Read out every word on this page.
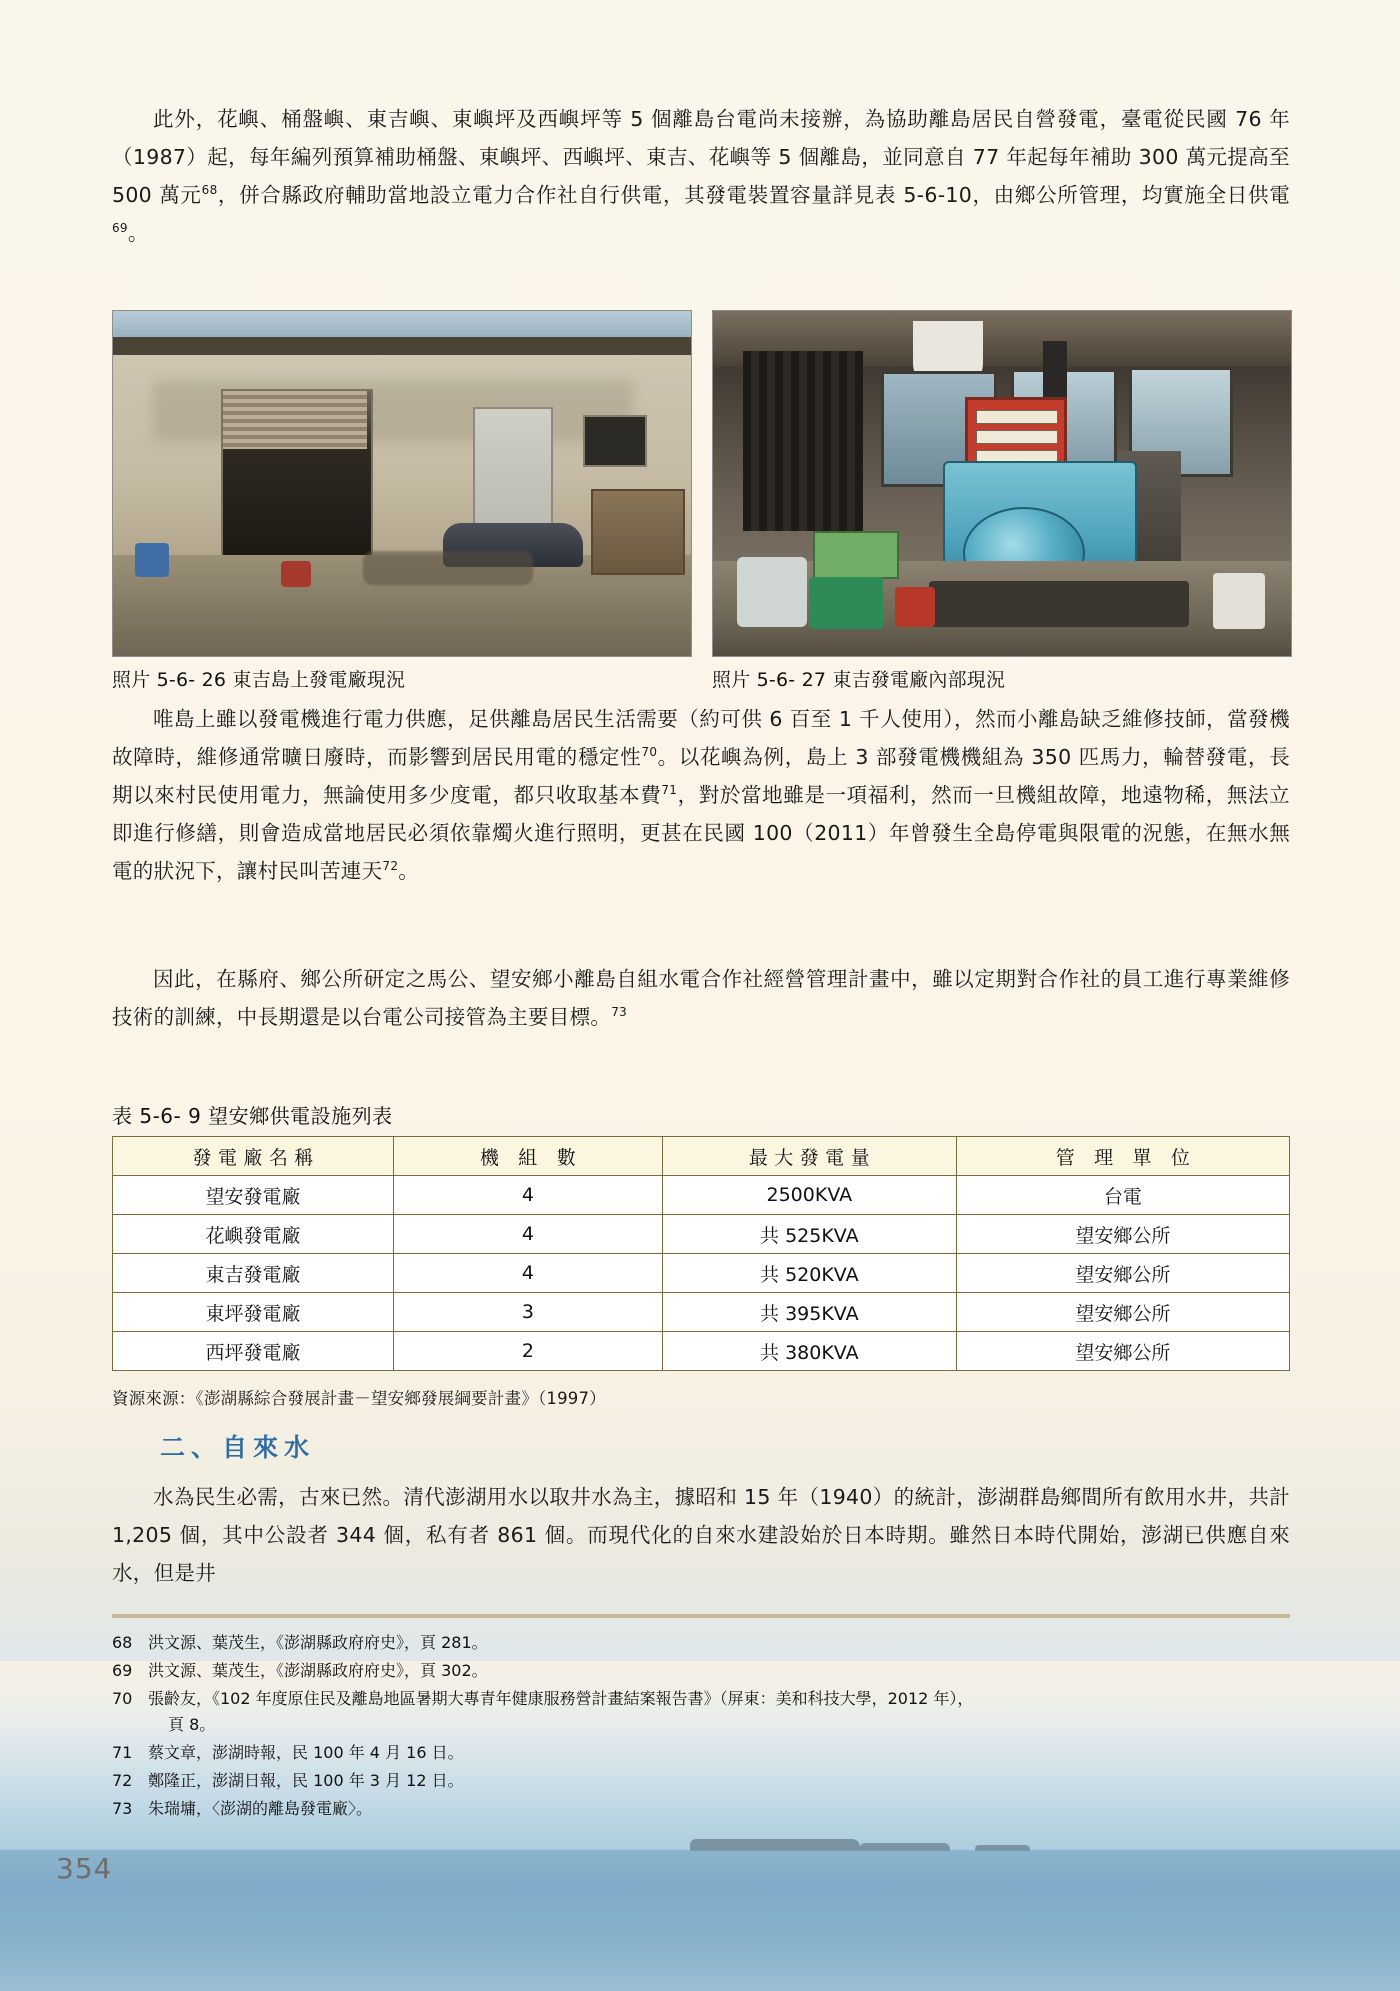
此外，花嶼、桶盤嶼、東吉嶼、東嶼坪及西嶼坪等 5 個離島台電尚未接辦，為協助離島居民自營發電，臺電從民國 76 年（1987）起，每年編列預算補助桶盤、東嶼坪、西嶼坪、東吉、花嶼等 5 個離島，並同意自 77 年起每年補助 300 萬元提高至 500 萬元$^{68}$，併合縣政府輔助當地設立電力合作社自行供電，其發電裝置容量詳見表 5-6-10，由鄉公所管理，均實施全日供電$^{69}$。

照片 5-6- 26 東吉島上發電廠現況	照片 5-6- 27 東吉發電廠內部現況

唯島上雖以發電機進行電力供應，足供離島居民生活需要（約可供 6 百至 1 千人使用），然而小離島缺乏維修技師，當發機故障時，維修通常曠日廢時，而影響到居民用電的穩定性$^{70}$。以花嶼為例，島上 3 部發電機機組為 350 匹馬力，輪替發電，長期以來村民使用電力，無論使用多少度電，都只收取基本費$^{71}$，對於當地雖是一項福利，然而一旦機組故障，地遠物稀，無法立即進行修繕，則會造成當地居民必須依靠燭火進行照明，更甚在民國 100（2011）年曾發生全島停電與限電的況態，在無水無電的狀況下，讓村民叫苦連天$^{72}$。

因此，在縣府、鄉公所研定之馬公、望安鄉小離島自組水電合作社經營管理計畫中，雖以定期對合作社的員工進行專業維修技術的訓練，中長期還是以台電公司接管為主要目標。$^{73}$

表 5-6- 9 望安鄉供電設施列表
發 電 廠 名 稱	機　組　數	最 大 發 電 量	管　理　單　位
望安發電廠	4	2500KVA	台電
花嶼發電廠	4	共 525KVA	望安鄉公所
東吉發電廠	4	共 520KVA	望安鄉公所
東坪發電廠	3	共 395KVA	望安鄉公所
西坪發電廠	2	共 380KVA	望安鄉公所
資源來源：《澎湖縣綜合發展計畫－望安鄉發展綱要計畫》（1997）
二、自來水

水為民生必需，古來已然。清代澎湖用水以取井水為主，據昭和 15 年（1940）的統計，澎湖群島鄉間所有飲用水井，共計 1,205 個，其中公設者 344 個，私有者 861 個。而現代化的自來水建設始於日本時期。雖然日本時代開始，澎湖已供應自來水，但是井

68 洪文源、葉茂生，《澎湖縣政府府史》，頁 281。
69 洪文源、葉茂生，《澎湖縣政府府史》，頁 302。
70 張齡友，《102 年度原住民及離島地區暑期大專青年健康服務營計畫結案報告書》（屏東：美和科技大學，2012 年），
頁 8。
71 蔡文章，澎湖時報，民 100 年 4 月 16 日。
72 鄭隆正，澎湖日報，民 100 年 3 月 12 日。
73 朱瑞墉，〈澎湖的離島發電廠〉。
354
